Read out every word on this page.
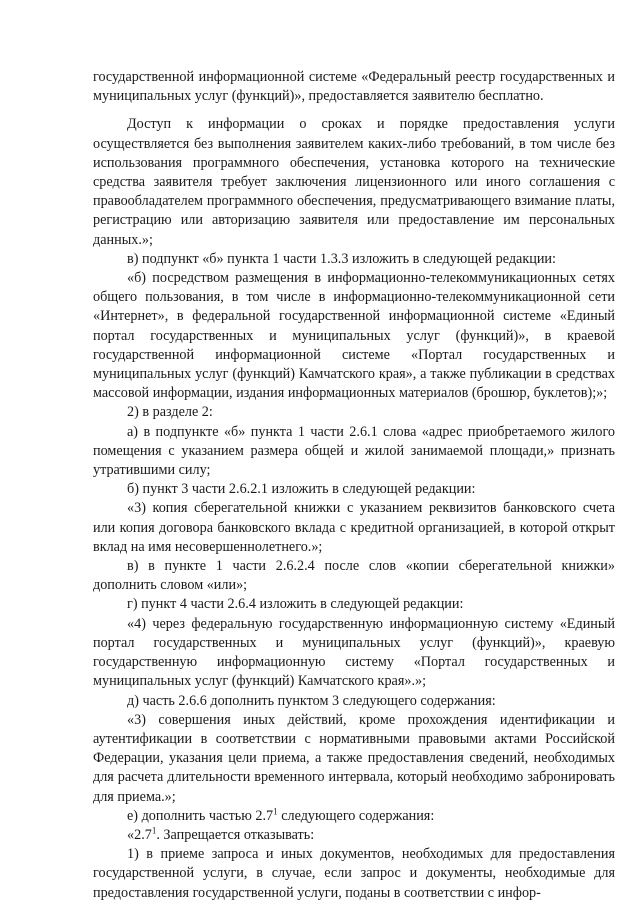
государственной информационной системе «Федеральный реестр государственных и муниципальных услуг (функций)», предоставляется заявителю бесплатно.

Доступ к информации о сроках и порядке предоставления услуги осуществляется без выполнения заявителем каких-либо требований, в том числе без использования программного обеспечения, установка которого на технические средства заявителя требует заключения лицензионного или иного соглашения с правообладателем программного обеспечения, предусматривающего взимание платы, регистрацию или авторизацию заявителя или предоставление им персональных данных.»;

в) подпункт «б» пункта 1 части 1.3.3 изложить в следующей редакции:

«б) посредством размещения в информационно-телекоммуникационных сетях общего пользования, в том числе в информационно-телекоммуникационной сети «Интернет», в федеральной государственной информационной системе «Единый портал государственных и муниципальных услуг (функций)», в краевой государственной информационной системе «Портал государственных и муниципальных услуг (функций) Камчатского края», а также публикации в средствах массовой информации, издания информационных материалов (брошюр, буклетов);»;

2) в разделе 2:

а) в подпункте «б» пункта 1 части 2.6.1 слова «адрес приобретаемого жилого помещения с указанием размера общей и жилой занимаемой площади,» признать утратившими силу;

б) пункт 3 части 2.6.2.1 изложить в следующей редакции:

«3) копия сберегательной книжки с указанием реквизитов банковского счета или копия договора банковского вклада с кредитной организацией, в которой открыт вклад на имя несовершеннолетнего.»;

в) в пункте 1 части 2.6.2.4 после слов «копии сберегательной книжки» дополнить словом «или»;

г) пункт 4 части 2.6.4 изложить в следующей редакции:

«4) через федеральную государственную информационную систему «Единый портал государственных и муниципальных услуг (функций)», краевую государственную информационную систему «Портал государственных и муниципальных услуг (функций) Камчатского края».»;

д) часть 2.6.6 дополнить пунктом 3 следующего содержания:

«3) совершения иных действий, кроме прохождения идентификации и аутентификации в соответствии с нормативными правовыми актами Российской Федерации, указания цели приема, а также предоставления сведений, необходимых для расчета длительности временного интервала, который необходимо забронировать для приема.»;

е) дополнить частью $2.7^1$ следующего содержания:

«$2.7^1$. Запрещается отказывать:

1) в приеме запроса и иных документов, необходимых для предоставления государственной услуги, в случае, если запрос и документы, необходимые для предоставления государственной услуги, поданы в соответствии с инфор-
